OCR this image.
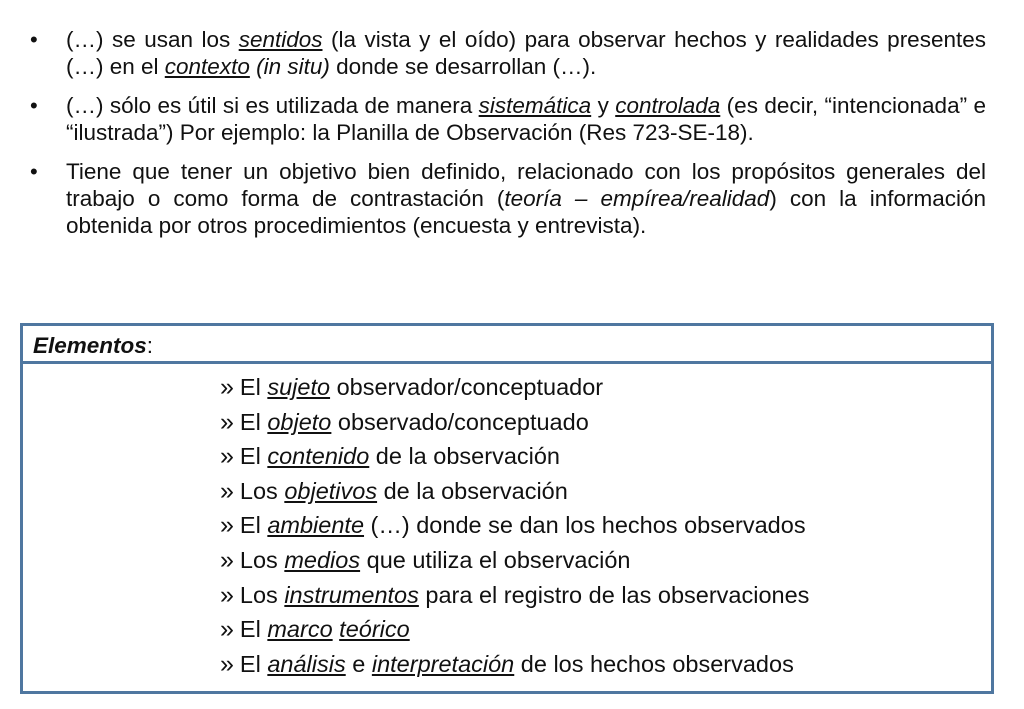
• (…) se usan los sentidos (la vista y el oído) para observar hechos y realidades presentes (…) en el contexto (in situ) donde se desarrollan (…).
• (…) sólo es útil si es utilizada de manera sistemática y controlada (es decir, “intencionada” e “ilustrada”) Por ejemplo: la Planilla de Observación (Res 723-SE-18).
• Tiene que tener un objetivo bien definido, relacionado con los propósitos generales del trabajo o como forma de contrastación (teoría – empírea/realidad) con la información obtenida por otros procedimientos (encuesta y entrevista).
Elementos:
» El sujeto observador/conceptuador
» El objeto observado/conceptuado
» El contenido de la observación
» Los objetivos de la observación
» El ambiente (…) donde se dan los hechos observados
» Los medios que utiliza el observación
» Los instrumentos para el registro de las observaciones
» El marco teórico
» El análisis e interpretación de los hechos observados
